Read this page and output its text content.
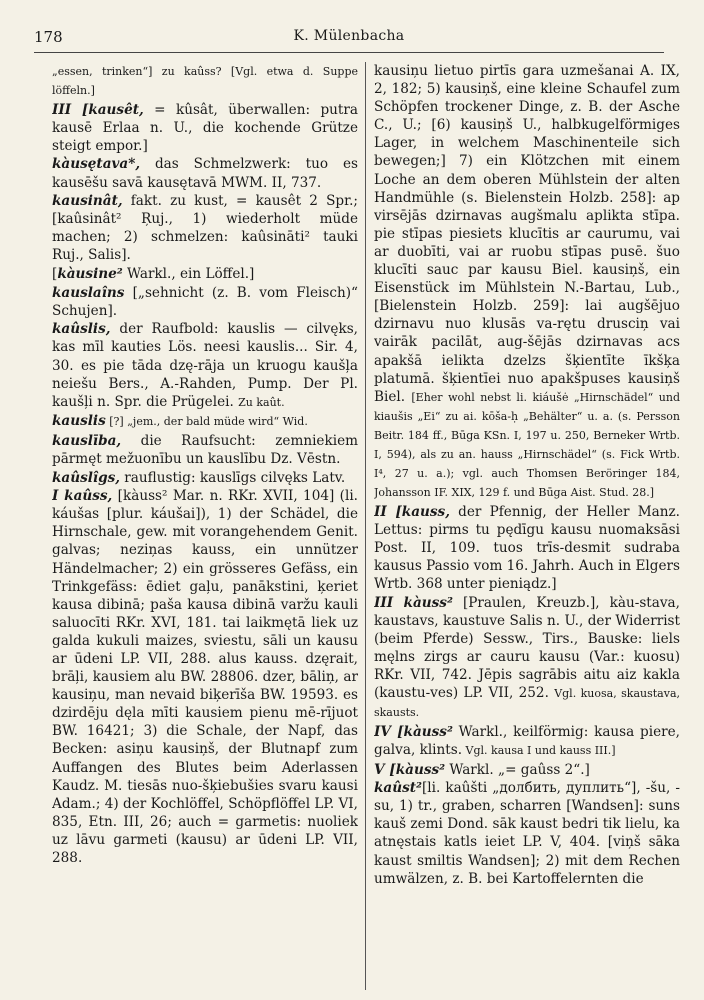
178	K. Mülenbacha

„essen, trinken“] zu kaûss? [Vgl. etwa d. Suppe löffeln.]

III [kausêt, = kûsât, überwallen: putra kausē Erlaa n. U., die kochende Grütze steigt empor.]

kàusętava*, das Schmelzwerk: tuo es kausēšu savā kausętavā MWM. II, 737.

kausinât, fakt. zu kust, = kausêt 2 Spr.; [kaûsinât² Ŗuj., 1) wiederholt müde machen; 2) schmelzen: kaûsināti² tauki Ruj., Salis].

[kàusine² Warkl., ein Löffel.]

kauslaîns [„sehnicht (z. B. vom Fleisch)“ Schujen].

kaûslis, der Raufbold: kauslis — cilvęks, kas mīl kauties Lös. neesi kauslis... Sir. 4, 30. es pie tāda dzę-rāja un kruogu kaušļa neiešu Bers., A.-Rahden, Pump. Der Pl. kaušļi n. Spr. die Prügelei. Zu kaût.

kauslis [?] „jem., der bald müde wird“ Wid.

kauslība, die Raufsucht: zemniekiem pārmęt mežuonību un kauslību Dz. Vēstn.

kaûslîgs, rauflustig: kauslīgs cilvęks Latv.

I kaûss, [kàuss² Mar. n. RKr. XVII, 104] (li. káušas [plur. káušai]), 1) der Schädel, die Hirnschale, gew. mit vorangehendem Genit. galvas; neziņas kauss, ein unnützer Händelmacher; 2) ein grösseres Gefäss, ein Trinkgefäss: ēdiet gaļu, panākstini, ķeriet kausa dibinā; paša kausa dibinā varžu kauli saluocīti RKr. XVI, 181. tai laikmętā liek uz galda kukuli maizes, sviestu, sāli un kausu ar ūdeni LP. VII, 288. alus kauss. dzęrait, brāļi, kausiem alu BW. 28806. dzer, bāliņ, ar kausiņu, man nevaid biķerīša BW. 19593. es dzirdēju dęla mīti kausiem pienu mē-rījuot BW. 16421; 3) die Schale, der Napf, das Becken: asiņu kausiņš, der Blutnapf zum Auffangen des Blutes beim Aderlassen Kaudz. M. tiesās nuo-šķiebušies svaru kausi Adam.; 4) der Kochlöffel, Schöpflöffel LP. VI, 835, Etn. III, 26; auch = garmetis: nuoliek uz lāvu garmeti (kausu) ar ūdeni LP. VII, 288.

kausiņu lietuo pirtīs gara uzmešanai A. IX, 2, 182; 5) kausiņš, eine kleine Schaufel zum Schöpfen trockener Dinge, z. B. der Asche C., U.; [6) kausiņš U., halbkugelförmiges Lager, in welchem Maschinenteile sich bewegen;] 7) ein Klötzchen mit einem Loche an dem oberen Mühlstein der alten Handmühle (s. Bielenstein Holzb. 258]: ap virsējās dzirnavas augšmalu aplikta stīpa. pie stīpas piesiets klucītis ar caurumu, vai ar duobīti, vai ar ruobu stīpas pusē. šuo klucīti sauc par kausu Biel. kausiņš, ein Eisenstück im Mühlstein N.-Bartau, Lub., [Bielenstein Holzb. 259]: lai augšējuo dzirnavu nuo klusās va-rętu drusciņ vai vairāk pacilāt, aug-šējās dzirnavas acs apakšā ielikta dzelzs šķientīte īkšķa platumā. šķientīei nuo apakšpuses kausiņš Biel. [Eher wohl nebst li. kiáušė „Hirnschädel“ und kiaušis „Ei“ zu ai. kōša-ḥ „Behälter“ u. a. (s. Persson Beitr. 184 ff., Būga KSn. I, 197 u. 250, Berneker Wrtb. I, 594), als zu an. hauss „Hirnschädel“ (s. Fick Wrtb. I⁴, 27 u. a.); vgl. auch Thomsen Beröringer 184, Johansson IF. XIX, 129 f. und Būga Aist. Stud. 28.]

II [kauss, der Pfennig, der Heller Manz. Lettus: pirms tu pędīgu kausu nuomaksāsi Post. II, 109. tuos trīs-desmit sudraba kausus Passio vom 16. Jahrh. Auch in Elgers Wrtb. 368 unter pieniądz.]

III kàuss² [Praulen, Kreuzb.], kàu-stava, kaustavs, kaustuve Salis n. U., der Widerrist (beim Pferde) Sessw., Tirs., Bauske: liels męlns zirgs ar cauru kausu (Var.: kuosu) RKr. VII, 742. Jēpis sagrābis aitu aiz kakla (kaustu-ves) LP. VII, 252. Vgl. kuosa, skaustava, skausts.

IV [kàuss² Warkl., keilförmig: kausa piere, galva, klints. Vgl. kausa I und kauss III.]

V [kàuss² Warkl. „= gaûss 2“.]

kaûst²[li. kaûšti „долбить, дуплить“], -šu, -su, 1) tr., graben, scharren [Wandsen]: suns kauš zemi Dond. sāk kaust bedri tik lielu, ka atnęstais katls ieiet LP. V, 404. [viņš sāka kaust smiltis Wandsen]; 2) mit dem Rechen umwälzen, z. B. bei Kartoffelernten die
